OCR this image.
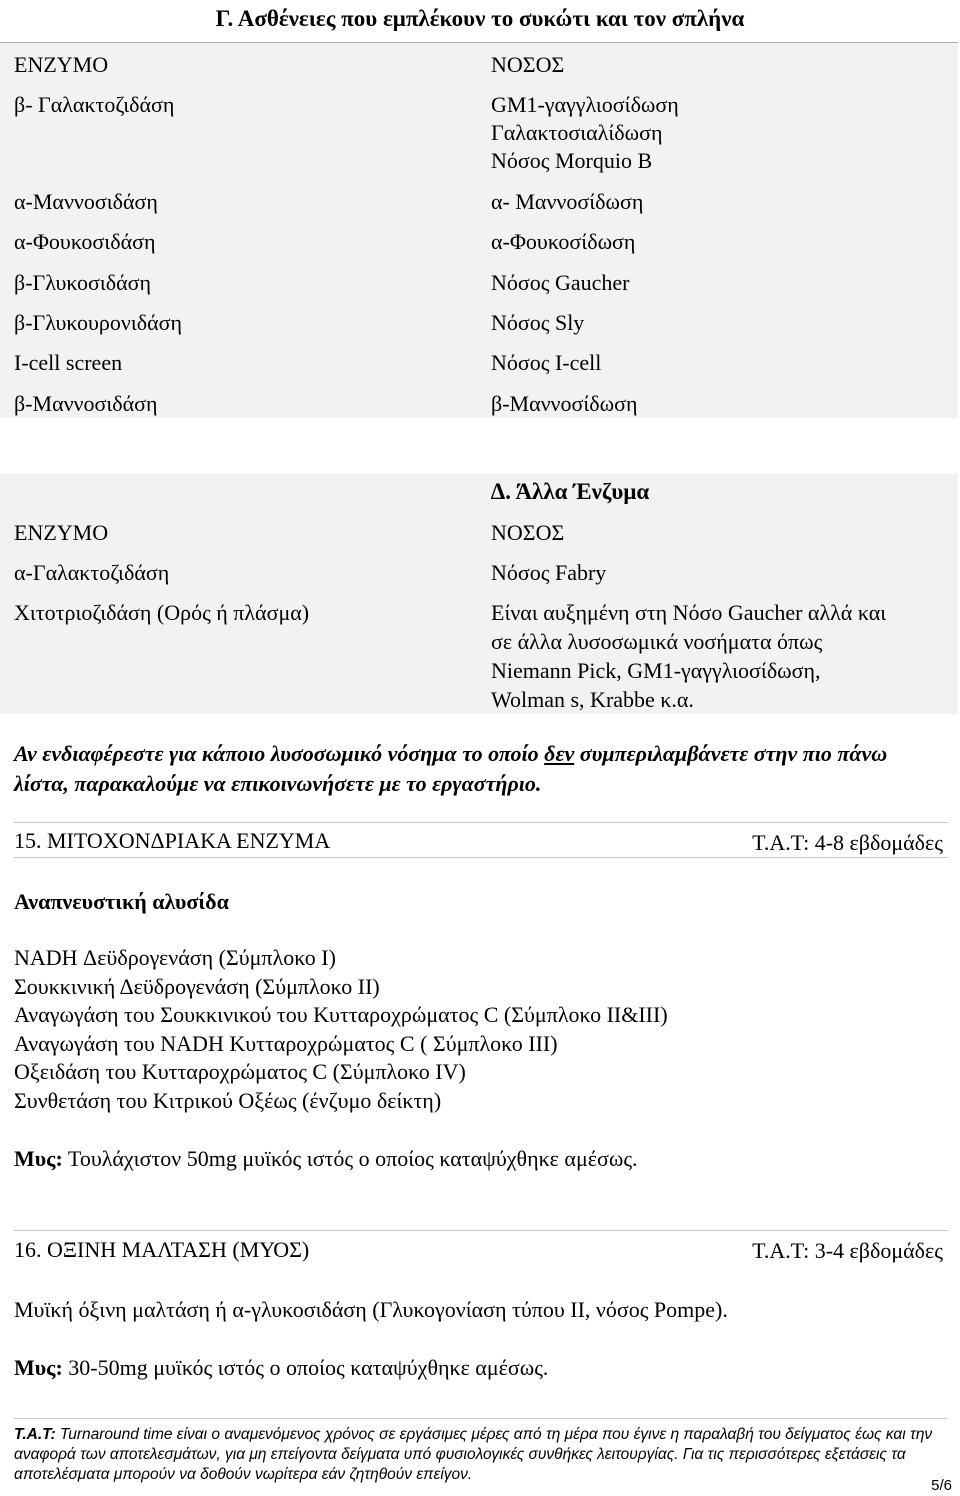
Γ. Ασθένειες που εμπλέκουν το συκώτι και τον σπλήνα
ΕΝΖΥΜΟ	ΝΟΣΟΣ
β- Γαλακτοζιδάση	GM1-γαγγλιοσίδωση
Γαλακτοσιαλίδωση
Νόσος Morquio B
α-Μαννοσιδάση	α- Μαννοσίδωση
α-Φουκοσιδάση	α-Φουκοσίδωση
β-Γλυκοσιδάση	Νόσος Gaucher
β-Γλυκουρονιδάση	Νόσος Sly
I-cell screen	Νόσος I-cell
β-Μαννοσιδάση	β-Μαννοσίδωση
Δ. Άλλα Ένζυμα
ΕΝΖΥΜΟ	ΝΟΣΟΣ
α-Γαλακτοζιδάση	Νόσος Fabry
Χιτοτριοζιδάση (Ορός ή πλάσμα)	Είναι αυξημένη στη Νόσο Gaucher αλλά και
σε άλλα λυσοσωμικά νοσήματα όπως
Niemann Pick, GM1-γαγγλιοσίδωση,
Wolman s, Krabbe κ.α.
Αν ενδιαφέρεστε για κάποιο λυσοσωμικό νόσημα το οποίο δεν συμπεριλαμβάνετε στην πιο πάνω λίστα, παρακαλούμε να επικοινωνήσετε με το εργαστήριο.
15. ΜΙΤΟΧΟΝΔΡΙΑΚΑ ΕΝΖΥΜΑ	Τ.Α.Τ: 4-8 εβδομάδες
Αναπνευστική αλυσίδα
NADH Δεϋδρογενάση (Σύμπλοκο Ι)
Σουκκινική Δεϋδρογενάση (Σύμπλοκο ΙΙ)
Αναγωγάση του Σουκκινικού του Κυτταροχρώματος C (Σύμπλοκο ΙΙ&ΙΙΙ)
Αναγωγάση του NADH Κυτταροχρώματος C ( Σύμπλοκο ΙΙΙ)
Οξειδάση του Κυτταροχρώματος C (Σύμπλοκο ΙV)
Συνθετάση του Κιτρικού Οξέως (ένζυμο δείκτη)
Μυς: Τουλάχιστον 50mg μυϊκός ιστός ο οποίος καταψύχθηκε αμέσως.
16. ΟΞΙΝΗ ΜΑΛΤΑΣΗ (ΜΥΟΣ)	Τ.Α.Τ: 3-4 εβδομάδες
Μυϊκή όξινη μαλτάση ή α-γλυκοσιδάση (Γλυκογονίαση τύπου ΙΙ, νόσος Pompe).
Μυς: 30-50mg μυϊκός ιστός ο οποίος καταψύχθηκε αμέσως.
Τ.Α.Τ: Turnaround time είναι ο αναμενόμενος χρόνος σε εργάσιμες μέρες από τη μέρα που έγινε η παραλαβή του δείγματος έως και την αναφορά των αποτελεσμάτων, για μη επείγοντα δείγματα υπό φυσιολογικές συνθήκες λειτουργίας. Για τις περισσότερες εξετάσεις τα αποτελέσματα μπορούν να δοθούν νωρίτερα εάν ζητηθούν επείγον.
5/6
